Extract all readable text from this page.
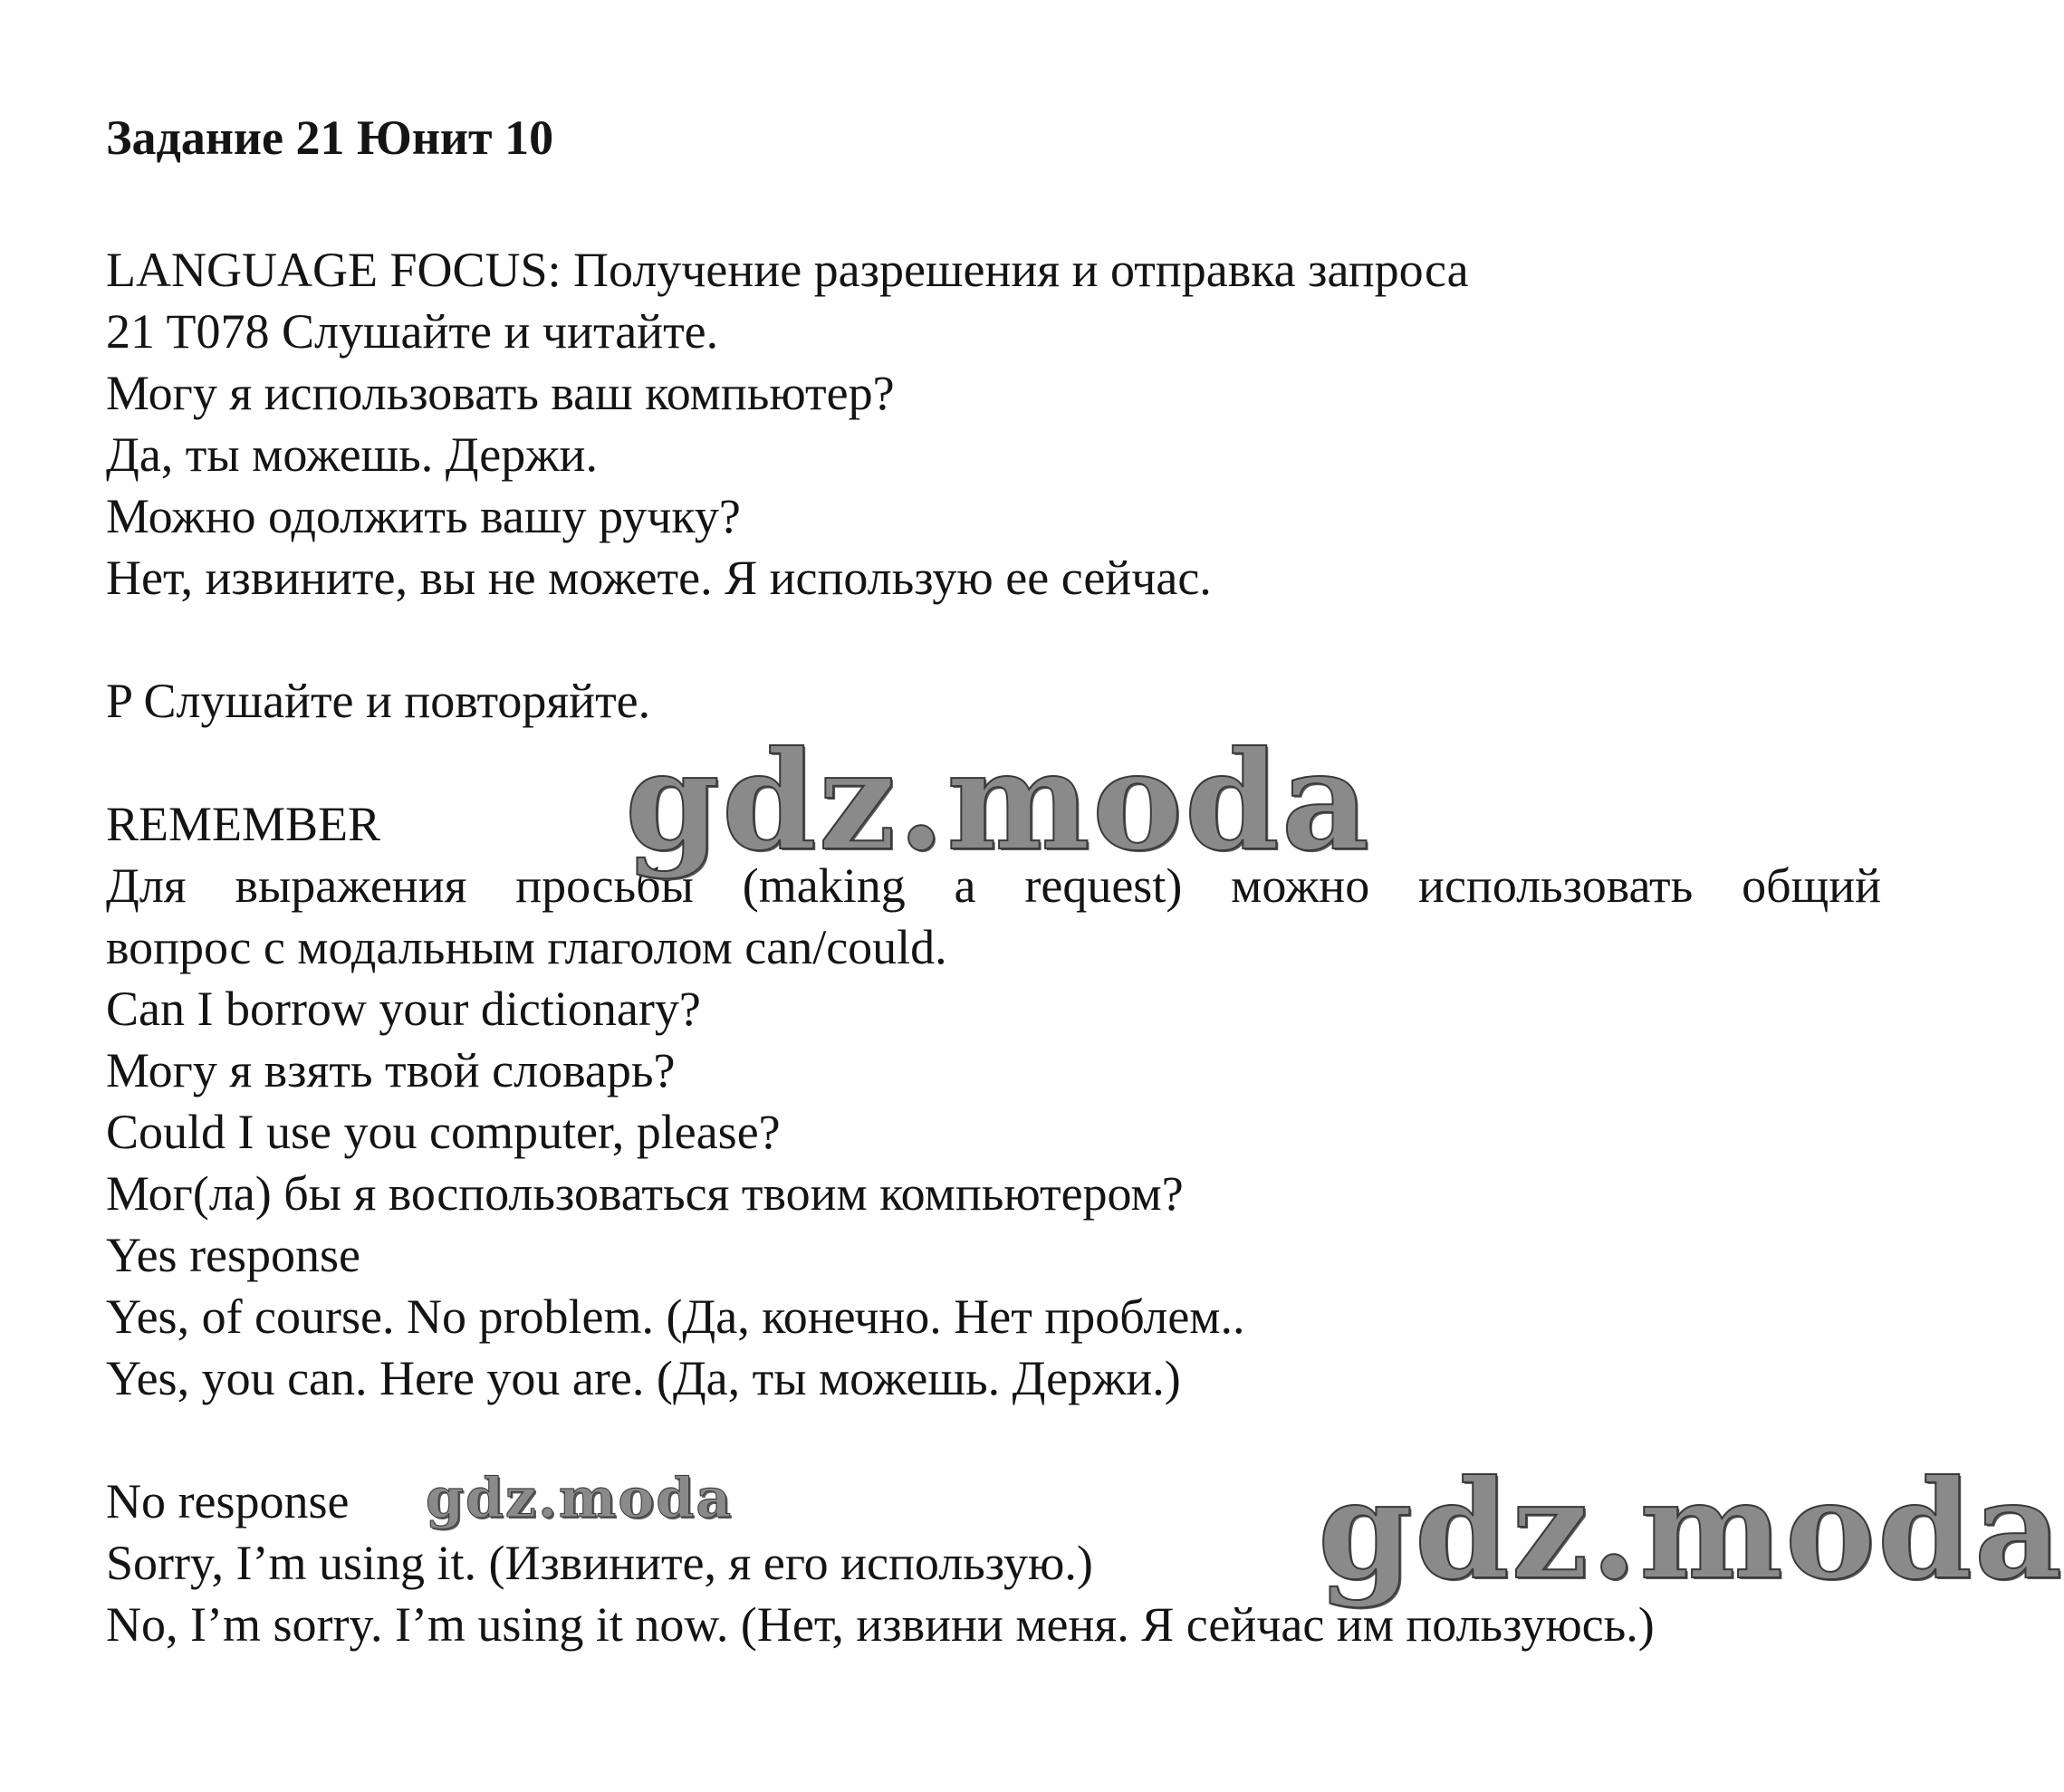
Задание 21 Юнит 10
LANGUAGE FOCUS: Получение разрешения и отправка запроса
21 T078 Слушайте и читайте.
Могу я использовать ваш компьютер?
Да, ты можешь. Держи.
Можно одолжить вашу ручку?
Нет, извините, вы не можете. Я использую ее сейчас.
P Слушайте и повторяйте.
REMEMBER
Для выражения просьбы (making a request) можно использовать общий
вопрос с модальным глаголом can/could.
Can I borrow your dictionary?
Могу я взять твой словарь?
Could I use you computer, please?
Мог(ла) бы я воспользоваться твоим компьютером?
Yes response
Yes, of course. No problem. (Да, конечно. Нет проблем..
Yes, you can. Here you are. (Да, ты можешь. Держи.)
No response
Sorry, I’m using it. (Извините, я его использую.)
No, I’m sorry. I’m using it now. (Нет, извини меня. Я сейчас им пользуюсь.)
gdz.moda
gdz.moda	gdz.moda
